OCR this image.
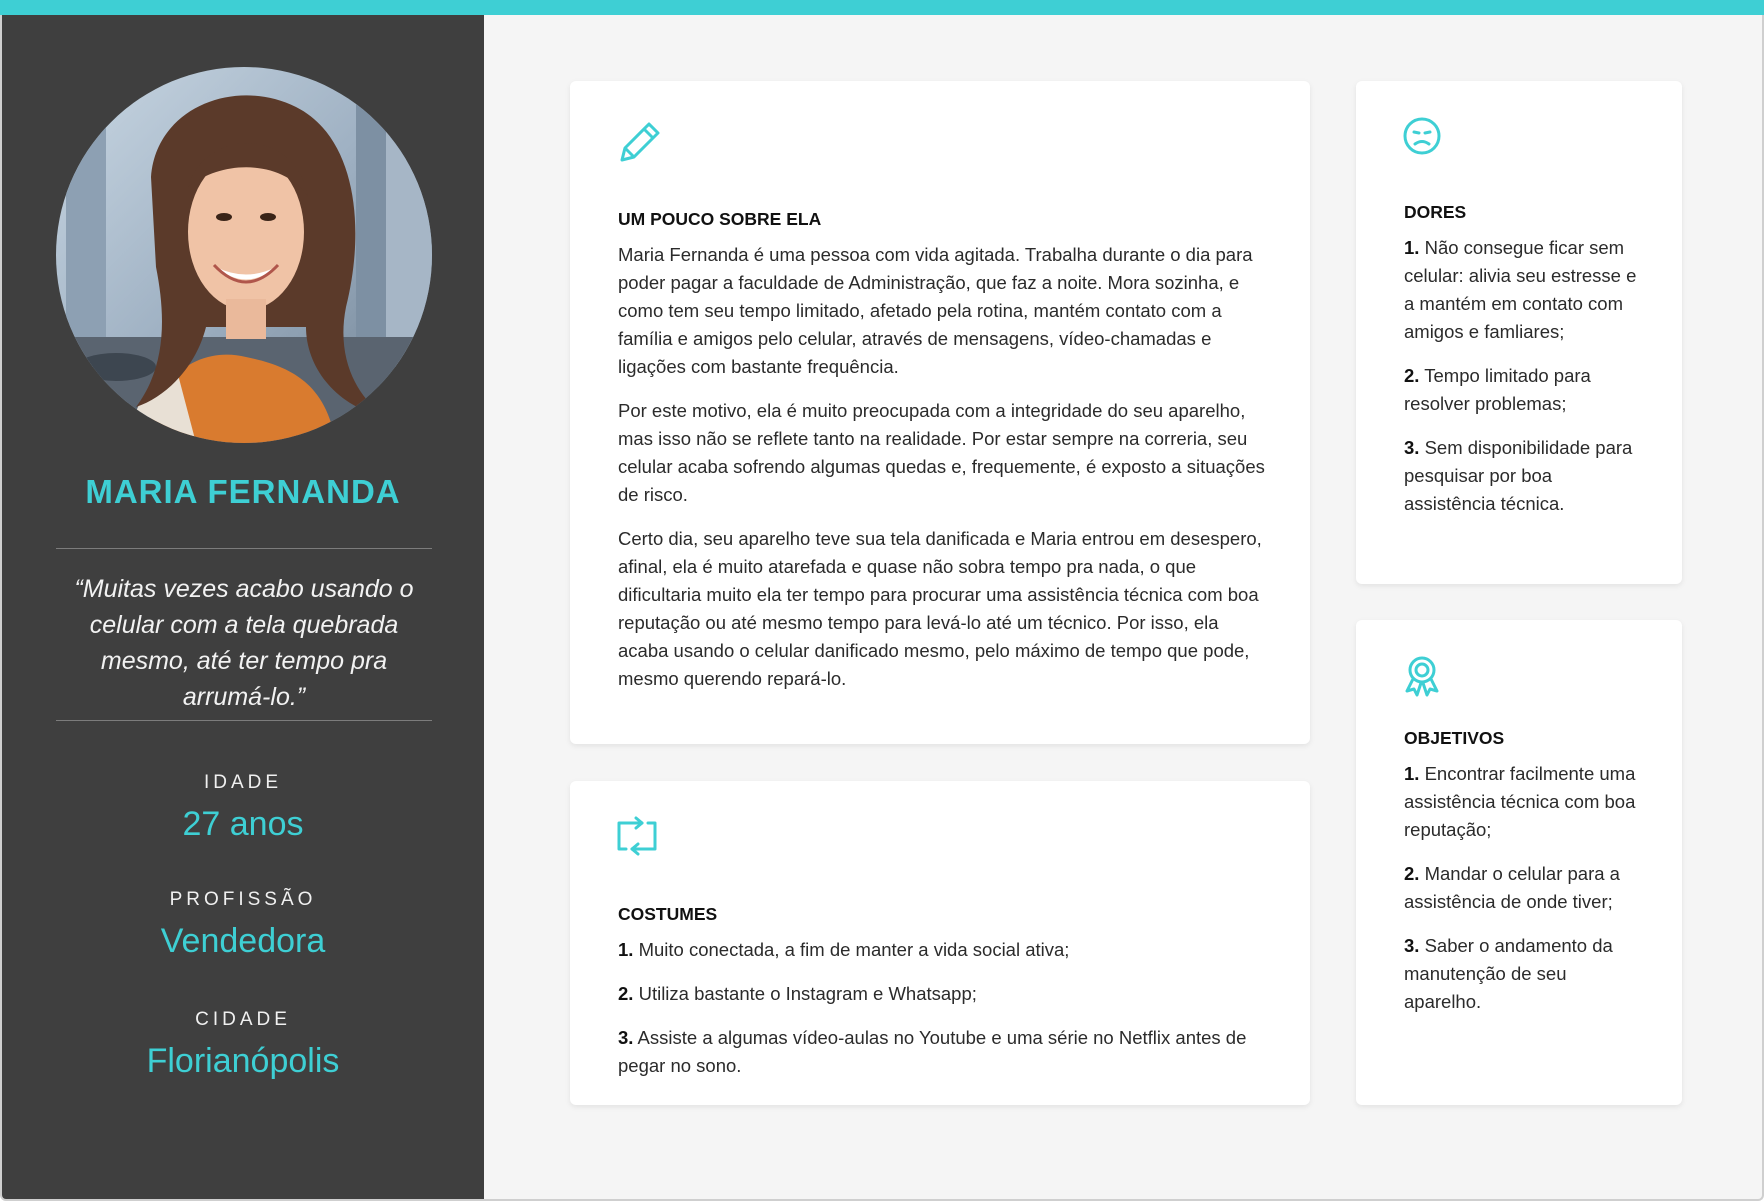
MARIA FERNANDA
“Muitas vezes acabo usando o celular com a tela quebrada mesmo, até ter tempo pra arrumá-lo.”
IDADE
27 anos
PROFISSÃO
Vendedora
CIDADE
Florianópolis
UM POUCO SOBRE ELA

Maria Fernanda é uma pessoa com vida agitada. Trabalha durante o dia para poder pagar a faculdade de Administração, que faz a noite. Mora sozinha, e como tem seu tempo limitado, afetado pela rotina, mantém contato com a família e amigos pelo celular, através de mensagens, vídeo-chamadas e ligações com bastante frequência.

Por este motivo, ela é muito preocupada com a integridade do seu aparelho, mas isso não se reflete tanto na realidade. Por estar sempre na correria, seu celular acaba sofrendo algumas quedas e, frequemente, é exposto a situações de risco.

Certo dia, seu aparelho teve sua tela danificada e Maria entrou em desespero, afinal, ela é muito atarefada e quase não sobra tempo pra nada, o que dificultaria muito ela ter tempo para procurar uma assistência técnica com boa reputação ou até mesmo tempo para levá-lo até um técnico. Por isso, ela acaba usando o celular danificado mesmo, pelo máximo de tempo que pode, mesmo querendo repará-lo.

COSTUMES

1. Muito conectada, a fim de manter a vida social ativa;

2. Utiliza bastante o Instagram e Whatsapp;

3. Assiste a algumas vídeo-aulas no Youtube e uma série no Netflix antes de pegar no sono.

DORES

1. Não consegue ficar sem celular: alivia seu estresse e a mantém em contato com amigos e famliares;

2. Tempo limitado para resolver problemas;

3. Sem disponibilidade para pesquisar por boa assistência técnica.

OBJETIVOS

1. Encontrar facilmente uma assistência técnica com boa reputação;

2. Mandar o celular para a assistência de onde tiver;

3. Saber o andamento da manutenção de seu aparelho.
